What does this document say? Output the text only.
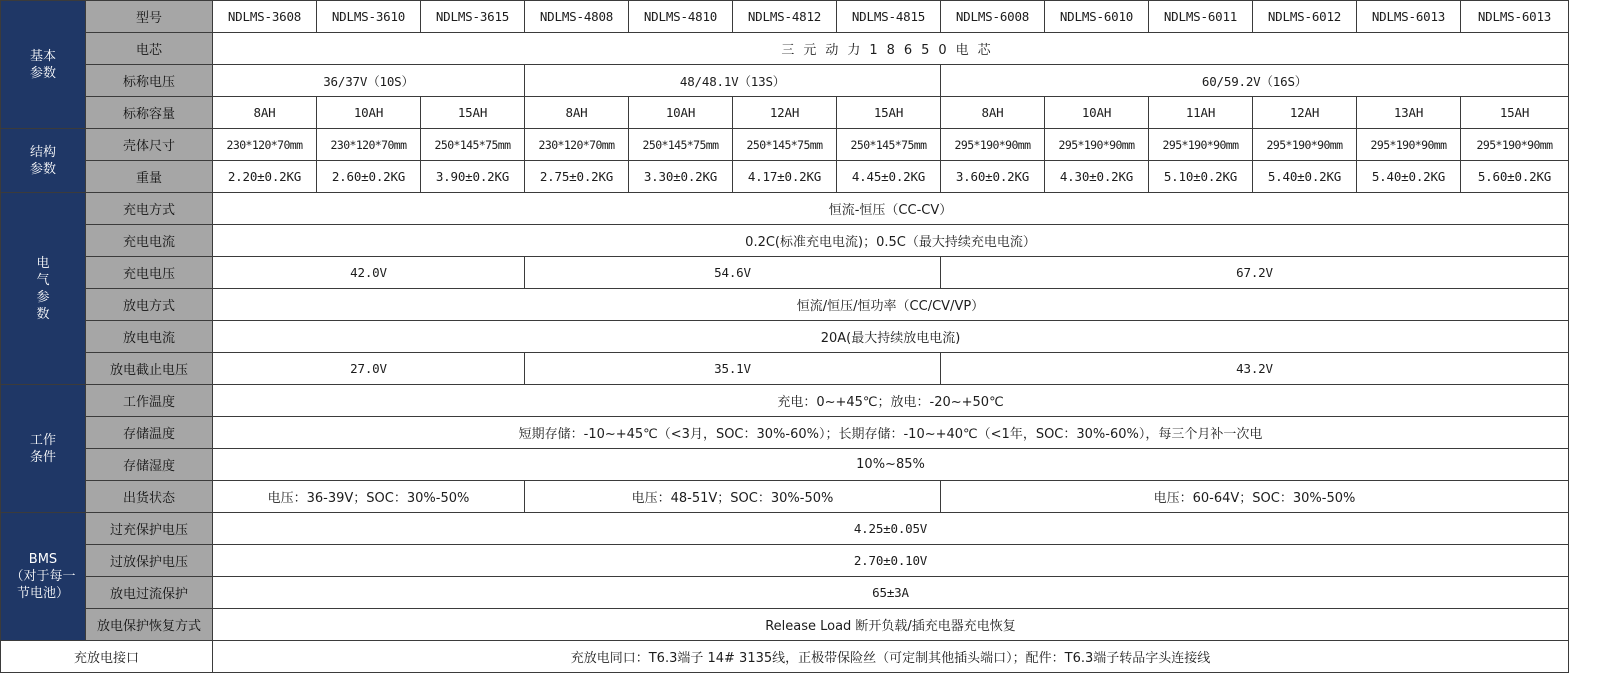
基本
参数	型号	NDLMS-3608	NDLMS-3610	NDLMS-3615	NDLMS-4808	NDLMS-4810	NDLMS-4812	NDLMS-4815	NDLMS-6008	NDLMS-6010	NDLMS-6011	NDLMS-6012	NDLMS-6013	NDLMS-6013
	电芯	三元动力18650电芯												
	标称电压	36/37V（10S）			48/48.1V（13S）				60/59.2V（16S）					
	标称容量	8AH	10AH	15AH	8AH	10AH	12AH	15AH	8AH	10AH	11AH	12AH	13AH	15AH

结构
参数	壳体尺寸	230*120*70mm	230*120*70mm	250*145*75mm	230*120*70mm	250*145*75mm	250*145*75mm	250*145*75mm	295*190*90mm	295*190*90mm	295*190*90mm	295*190*90mm	295*190*90mm	295*190*90mm
	重量	2.20±0.2KG	2.60±0.2KG	3.90±0.2KG	2.75±0.2KG	3.30±0.2KG	4.17±0.2KG	4.45±0.2KG	3.60±0.2KG	4.30±0.2KG	5.10±0.2KG	5.40±0.2KG	5.40±0.2KG	5.60±0.2KG

电
气
参
数	充电方式	恒流-恒压（CC-CV）												
	充电电流	0.2C(标准充电电流)；0.5C（最大持续充电电流）												
	充电电压	42.0V			54.6V				67.2V					
	放电方式	恒流/恒压/恒功率（CC/CV/VP）												
	放电电流	20A(最大持续放电电流)												
	放电截止电压	27.0V			35.1V				43.2V					

工作
条件	工作温度	充电：0~+45℃；放电：-20~+50℃												
	存储温度	短期存储：-10~+45℃（<3月，SOC：30%-60%）；长期存储：-10~+40℃（<1年，SOC：30%-60%），每三个月补一次电												
	存储湿度	10%~85%												
	出货状态	电压：36-39V；SOC：30%-50%			电压：48-51V；SOC：30%-50%				电压：60-64V；SOC：30%-50%					

BMS
（对于每一
节电池）	过充保护电压	4.25±0.05V												
	过放保护电压	2.70±0.10V												
	放电过流保护	65±3A												
	放电保护恢复方式	Release Load 断开负载/插充电器充电恢复												
充放电接口		充放电同口：T6.3端子 14# 3135线，正极带保险丝（可定制其他插头端口）；配件：T6.3端子转品字头连接线												
